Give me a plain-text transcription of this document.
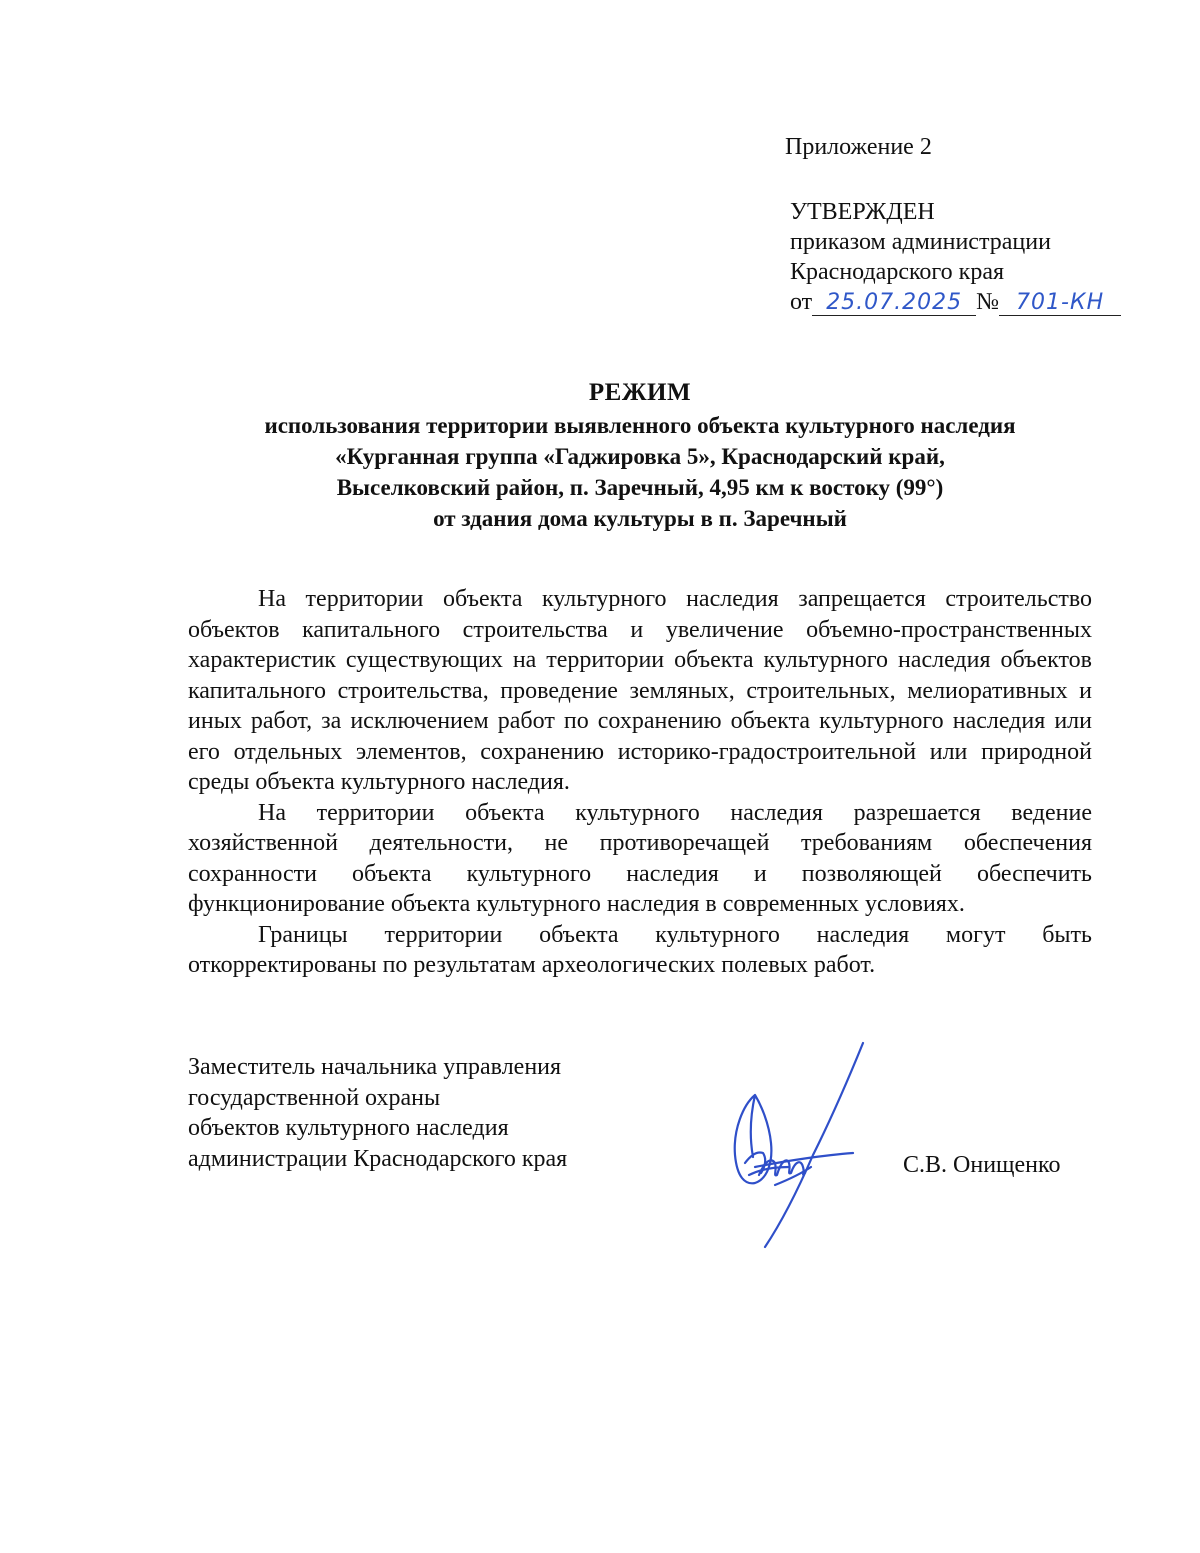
Приложение 2
УТВЕРЖДЕН
приказом администрации
Краснодарского края
от 25.07.2025 № 701-КН
РЕЖИМ
использования территории выявленного объекта культурного наследия
«Курганная группа «Гаджировка 5», Краснодарский край,
Выселковский район, п. Заречный, 4,95 км к востоку (99°)
от здания дома культуры в п. Заречный

На территории объекта культурного наследия запрещается строительство объектов капитального строительства и увеличение объемно-пространственных характеристик существующих на территории объекта культурного наследия объектов капитального строительства, проведение земляных, строительных, мелиоративных и иных работ, за исключением работ по сохранению объекта культурного наследия или его отдельных элементов, сохранению историко-градостроительной или природной среды объекта культурного наследия.

На территории объекта культурного наследия разрешается ведение хозяйственной деятельности, не противоречащей требованиям обеспечения сохранности объекта культурного наследия и позволяющей обеспечить функционирование объекта культурного наследия в современных условиях.

Границы территории объекта культурного наследия могут быть откорректированы по результатам археологических полевых работ.

Заместитель начальника управления
государственной охраны
объектов культурного наследия
администрации Краснодарского края	С.В. Онищенко
